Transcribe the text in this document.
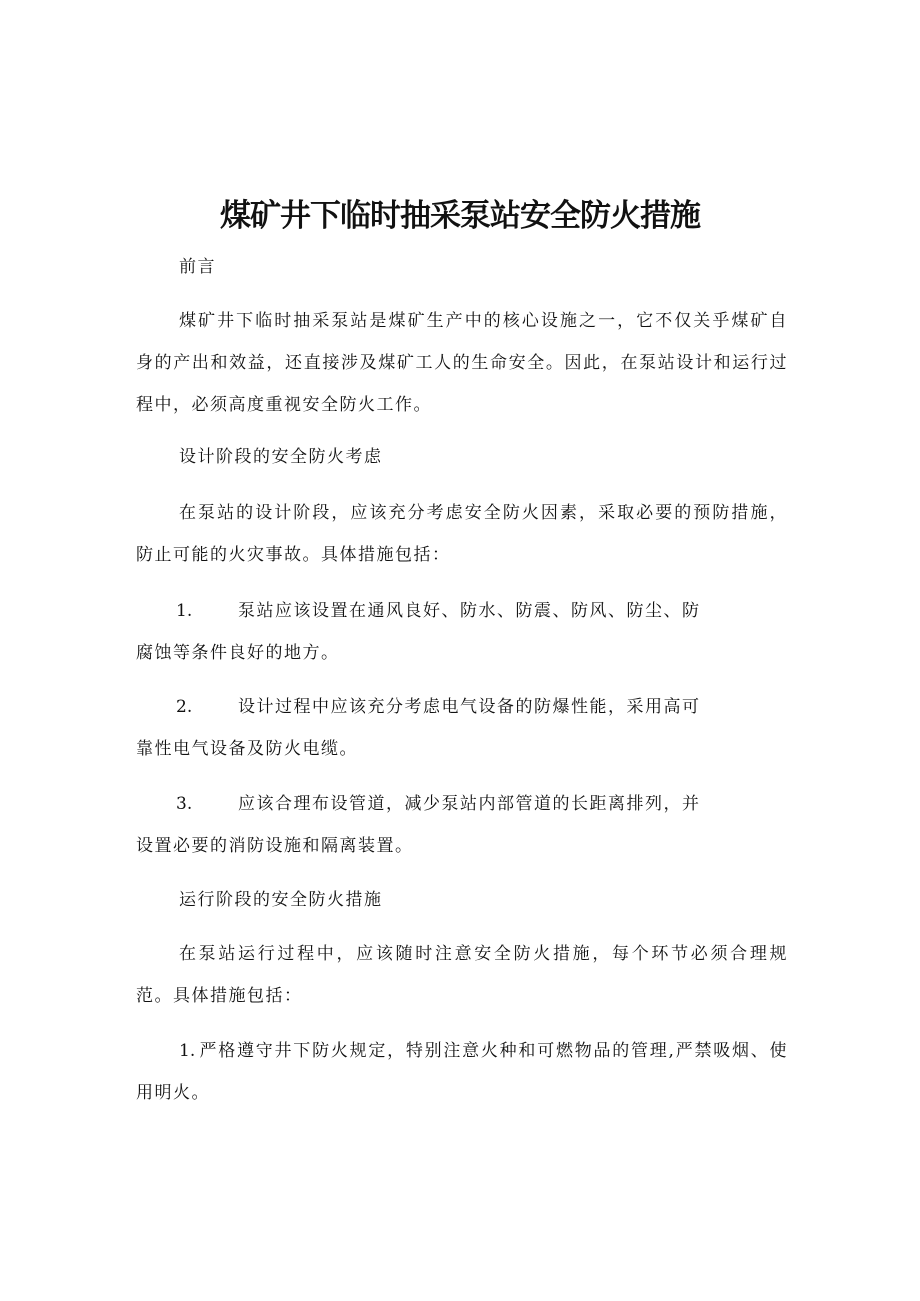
煤矿井下临时抽采泵站安全防火措施

前言

煤矿井下临时抽采泵站是煤矿生产中的核心设施之一，它不仅关乎煤矿自身的产出和效益，还直接涉及煤矿工人的生命安全。因此，在泵站设计和运行过程中，必须高度重视安全防火工作。

设计阶段的安全防火考虑

在泵站的设计阶段，应该充分考虑安全防火因素，采取必要的预防措施，防止可能的火灾事故。具体措施包括：

1.	泵站应该设置在通风良好、防水、防震、防风、防尘、防腐蚀等条件良好的地方。

2.	设计过程中应该充分考虑电气设备的防爆性能，采用高可靠性电气设备及防火电缆。

3.	应该合理布设管道，减少泵站内部管道的长距离排列，并设置必要的消防设施和隔离装置。

运行阶段的安全防火措施

在泵站运行过程中，应该随时注意安全防火措施，每个环节必须合理规范。具体措施包括：

1. 严格遵守井下防火规定，特别注意火种和可燃物品的管理,严禁吸烟、使用明火。
